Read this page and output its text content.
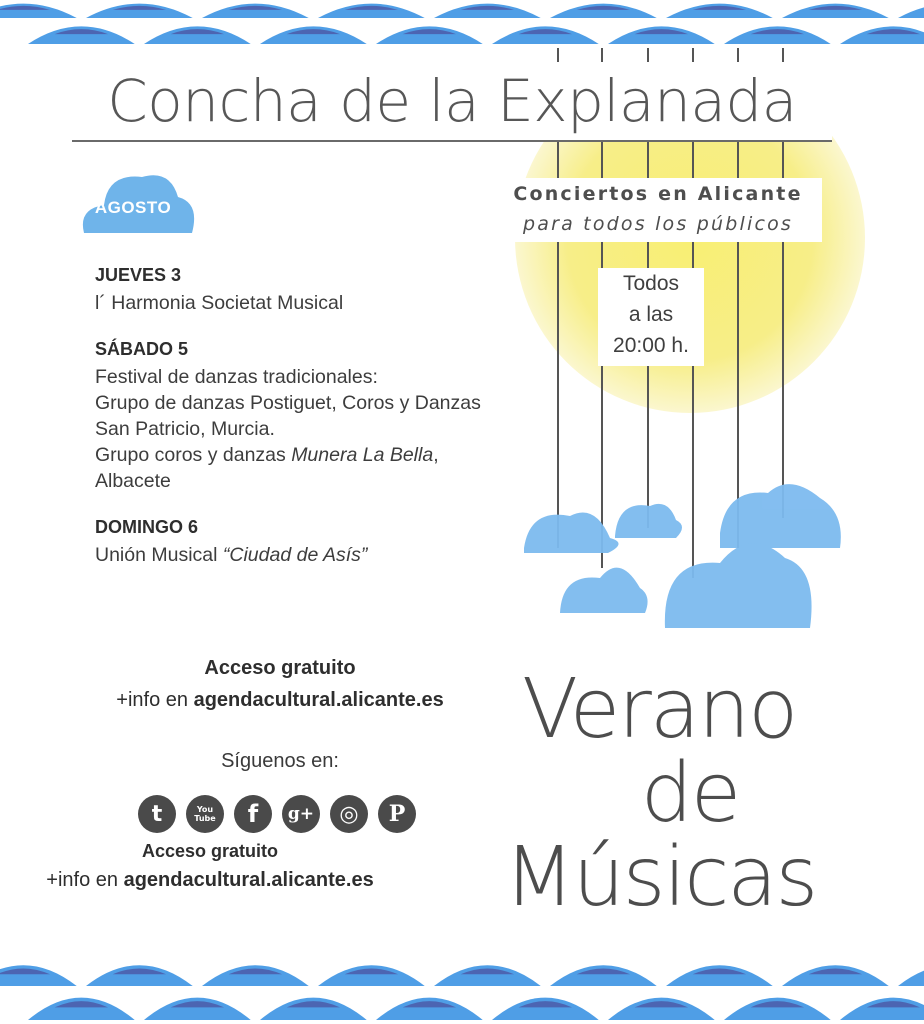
Concha de la Explanada
Conciertos en Alicante
para todos los públicos
Todos
a las
20:00 h.
AGOSTO
JUEVES 3
l´ Harmonia Societat Musical
SÁBADO 5
Festival de danzas tradicionales:
Grupo de danzas Postiguet, Coros y Danzas
San Patricio, Murcia.
Grupo coros y danzas Munera La Bella,
Albacete
DOMINGO 6
Unión Musical “Ciudad de Asís”
Acceso gratuito
+info en agendacultural.alicante.es
Síguenos en:
t	You Tube f g+ ◎ P
Acceso gratuito
+info en agendacultural.alicante.es
Verano
de
Músicas
